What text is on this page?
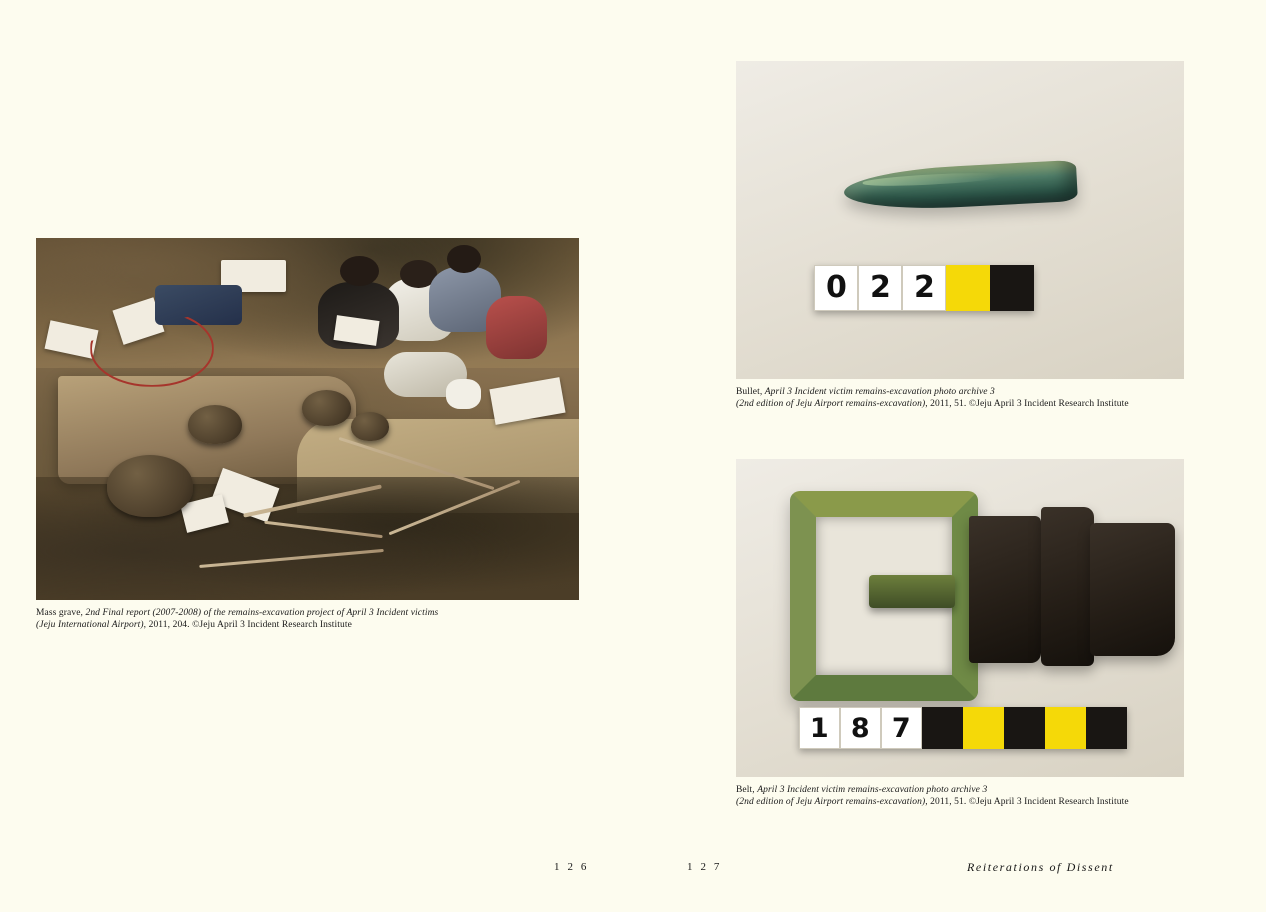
Mass grave, 2nd Final report (2007-2008) of the remains-excavation project of April 3 Incident victims
(Jeju International Airport), 2011, 204. ©Jeju April 3 Incident Research Institute
0 2 2
Bullet, April 3 Incident victim remains-excavation photo archive 3
(2nd edition of Jeju Airport remains-excavation), 2011, 51. ©Jeju April 3 Incident Research Institute
1 8 7
Belt, April 3 Incident victim remains-excavation photo archive 3
(2nd edition of Jeju Airport remains-excavation), 2011, 51. ©Jeju April 3 Incident Research Institute
1 2 6	1 2 7	Reiterations of Dissent
